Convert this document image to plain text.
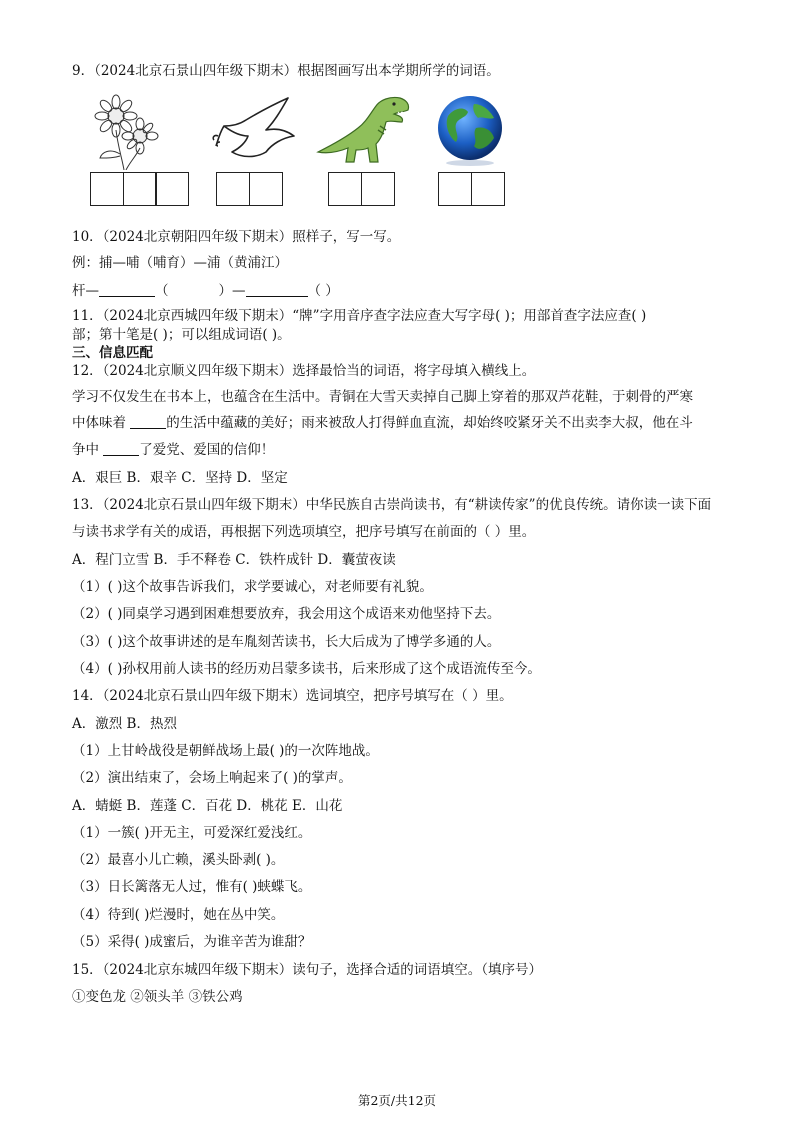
9．（2024北京石景山四年级下期末）根据图画写出本学期所学的词语。
10．（2024北京朝阳四年级下期末）照样子，写一写。
例：捕—哺（哺育）—浦（黄浦江）
杆—	（	）—	（ ）
11．（2024北京西城四年级下期末）“牌”字用音序查字法应查大写字母( )；用部首查字法应查( )
部；第十笔是( )；可以组成词语( )。
三、信息匹配
12．（2024北京顺义四年级下期末）选择最恰当的词语，将字母填入横线上。
学习不仅发生在书本上，也蕴含在生活中。青铜在大雪天卖掉自己脚上穿着的那双芦花鞋，于刺骨的严寒
中体味着	的生活中蕴藏的美好；雨来被敌人打得鲜血直流，却始终咬紧牙关不出卖李大叔，他在斗
争中	了爱党、爱国的信仰！
A．艰巨 B．艰辛 C．坚持 D．坚定
13．（2024北京石景山四年级下期末）中华民族自古崇尚读书，有“耕读传家”的优良传统。请你读一读下面
与读书求学有关的成语，再根据下列选项填空，把序号填写在前面的（ ）里。
A．程门立雪 B．手不释卷 C．铁杵成针 D．囊萤夜读
（1）( )这个故事告诉我们，求学要诚心，对老师要有礼貌。
（2）( )同桌学习遇到困难想要放弃，我会用这个成语来劝他坚持下去。
（3）( )这个故事讲述的是车胤刻苦读书，长大后成为了博学多通的人。
（4）( )孙权用前人读书的经历劝吕蒙多读书，后来形成了这个成语流传至今。
14．（2024北京石景山四年级下期末）选词填空，把序号填写在（ ）里。
A．激烈 B．热烈
（1）上甘岭战役是朝鲜战场上最( )的一次阵地战。
（2）演出结束了，会场上响起来了( )的掌声。
A．蜻蜓 B．莲蓬 C．百花 D．桃花 E．山花
（1）一簇( )开无主，可爱深红爱浅红。
（2）最喜小儿亡赖，溪头卧剥( )。
（3）日长篱落无人过，惟有( )蛱蝶飞。
（4）待到( )烂漫时，她在丛中笑。
（5）采得( )成蜜后，为谁辛苦为谁甜？
15．（2024北京东城四年级下期末）读句子，选择合适的词语填空。（填序号）
①变色龙 ②领头羊 ③铁公鸡
第2页/共12页
